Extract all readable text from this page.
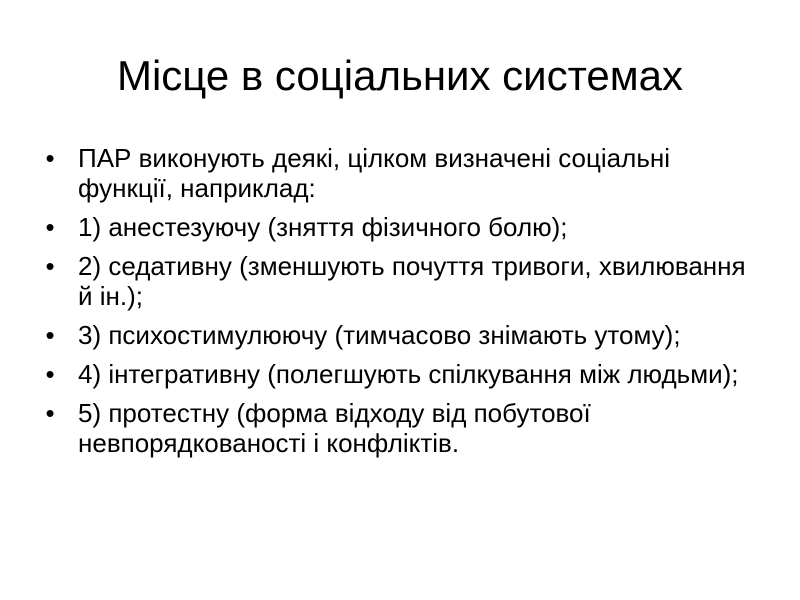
Місце в соціальних системах
• ПАР виконують деякі, цілком визначені соціальні функції, наприклад:
• 1) анестезуючу (зняття фізичного болю);
• 2) седативну (зменшують почуття тривоги, хвилювання й ін.);
• 3) психостимулюючу (тимчасово знімають утому);
• 4) інтегративну (полегшують спілкування між людьми);
• 5) протестну (форма відходу від побутової невпорядкованості і конфліктів.
